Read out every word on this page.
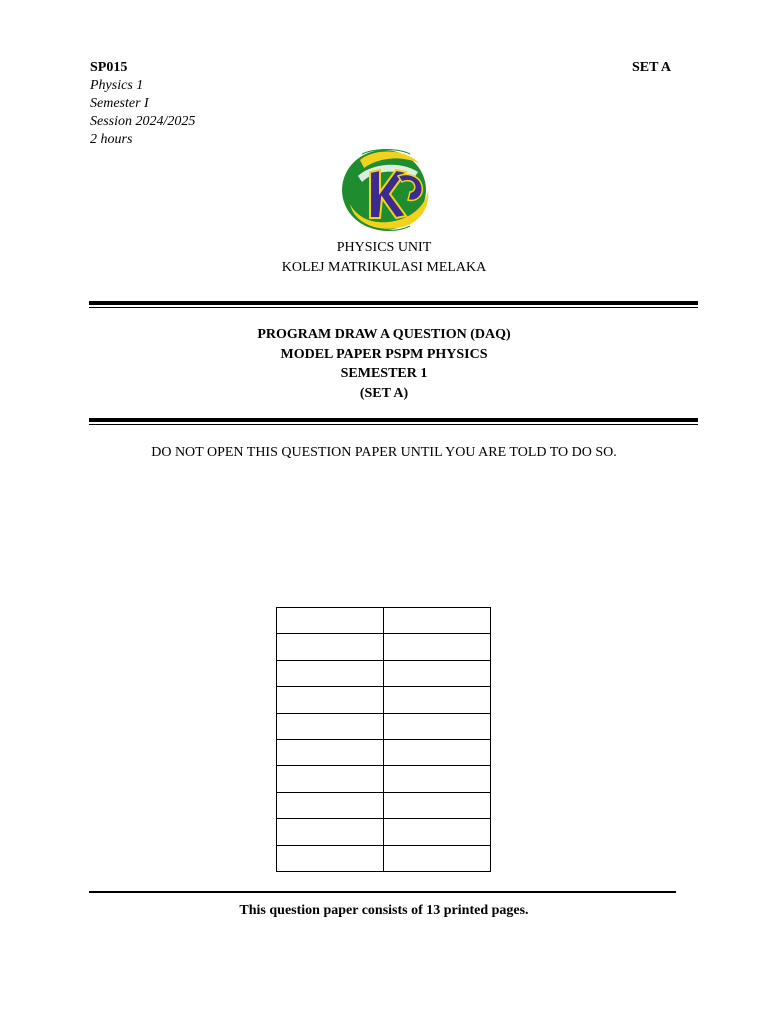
SP015
Physics 1
Semester I
Session 2024/2025
2 hours
SET A
PHYSICS UNIT
KOLEJ MATRIKULASI MELAKA
PROGRAM DRAW A QUESTION (DAQ)
MODEL PAPER PSPM PHYSICS
SEMESTER 1
(SET A)
DO NOT OPEN THIS QUESTION PAPER UNTIL YOU ARE TOLD TO DO SO.

This question paper consists of 13 printed pages.
